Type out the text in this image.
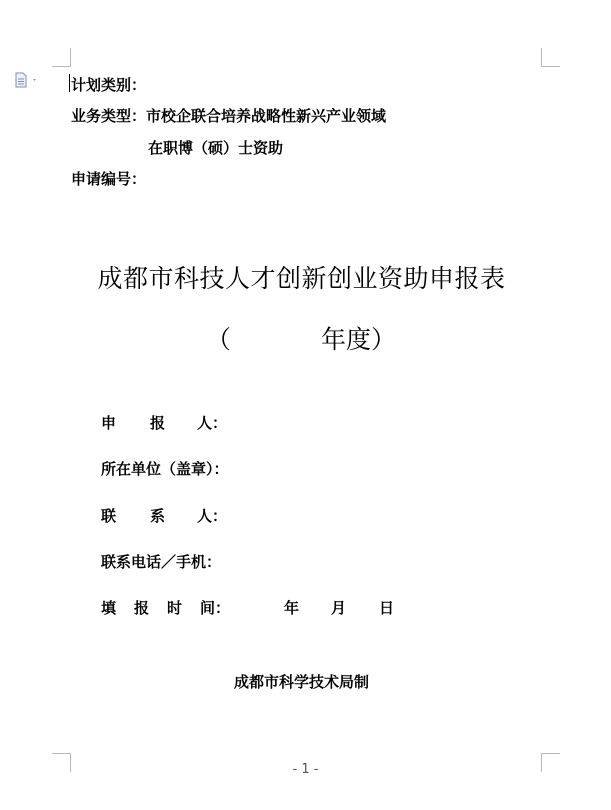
计划类别：
业务类型：市校企联合培养战略性新兴产业领域
在职博（硕）士资助
申请编号：
成都市科技人才创新创业资助申报表
（	年度）
申 报 人：
所在单位（盖章）：
联 系 人：
联系电话／手机：
填 报 时 间：	年 月 日
成都市科学技术局制
- 1 -
